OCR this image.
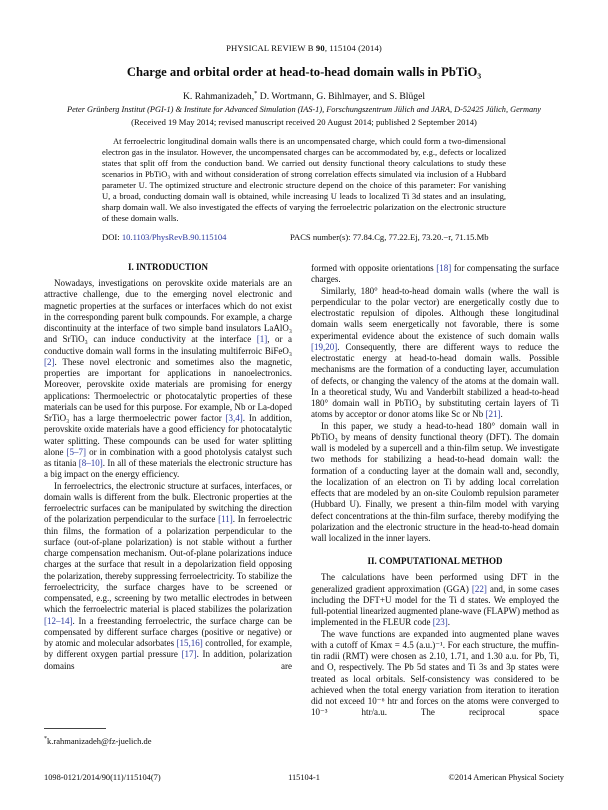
PHYSICAL REVIEW B 90, 115104 (2014)
Charge and orbital order at head-to-head domain walls in PbTiO₃
K. Rahmanizadeh,* D. Wortmann, G. Bihlmayer, and S. Blügel
Peter Grünberg Institut (PGI-1) & Institute for Advanced Simulation (IAS-1), Forschungszentrum Jülich and JARA, D-52425 Jülich, Germany
(Received 19 May 2014; revised manuscript received 20 August 2014; published 2 September 2014)
At ferroelectric longitudinal domain walls there is an uncompensated charge, which could form a two-dimensional electron gas in the insulator. However, the uncompensated charges can be accommodated by, e.g., defects or localized states that split off from the conduction band. We carried out density functional theory calculations to study these scenarios in PbTiO₃ with and without consideration of strong correlation effects simulated via inclusion of a Hubbard parameter U. The optimized structure and electronic structure depend on the choice of this parameter: For vanishing U, a broad, conducting domain wall is obtained, while increasing U leads to localized Ti 3d states and an insulating, sharp domain wall. We also investigated the effects of varying the ferroelectric polarization on the electronic structure of these domain walls.
DOI: 10.1103/PhysRevB.90.115104	PACS number(s): 77.84.Cg, 77.22.Ej, 73.20.−r, 71.15.Mb
I. INTRODUCTION

Nowadays, investigations on perovskite oxide materials are an attractive challenge, due to the emerging novel electronic and magnetic properties at the surfaces or interfaces which do not exist in the corresponding parent bulk compounds. For example, a charge discontinuity at the interface of two simple band insulators LaAlO₃ and SrTiO₃ can induce conductivity at the interface [1], or a conductive domain wall forms in the insulating multiferroic BiFeO₃ [2]. These novel electronic and sometimes also the magnetic, properties are important for applications in nanoelectronics. Moreover, perovskite oxide materials are promising for energy applications: Thermoelectric or photocatalytic properties of these materials can be used for this purpose. For example, Nb or La-doped SrTiO₃ has a large thermoelectric power factor [3,4]. In addition, perovskite oxide materials have a good efficiency for photocatalytic water splitting. These compounds can be used for water splitting alone [5–7] or in combination with a good photolysis catalyst such as titania [8–10]. In all of these materials the electronic structure has a big impact on the energy efficiency.

In ferroelectrics, the electronic structure at surfaces, interfaces, or domain walls is different from the bulk. Electronic properties at the ferroelectric surfaces can be manipulated by switching the direction of the polarization perpendicular to the surface [11]. In ferroelectric thin films, the formation of a polarization perpendicular to the surface (out-of-plane polarization) is not stable without a further charge compensation mechanism. Out-of-plane polarizations induce charges at the surface that result in a depolarization field opposing the polarization, thereby suppressing ferroelectricity. To stabilize the ferroelectricity, the surface charges have to be screened or compensated, e.g., screening by two metallic electrodes in between which the ferroelectric material is placed stabilizes the polarization [12–14]. In a freestanding ferroelectric, the surface charge can be compensated by different surface charges (positive or negative) or by atomic and molecular adsorbates [15,16] controlled, for example, by different oxygen partial pressure [17]. In addition, polarization domains are

*k.rahmanizadeh@fz-juelich.de

formed with opposite orientations [18] for compensating the surface charges.

Similarly, 180° head-to-head domain walls (where the wall is perpendicular to the polar vector) are energetically costly due to electrostatic repulsion of dipoles. Although these longitudinal domain walls seem energetically not favorable, there is some experimental evidence about the existence of such domain walls [19,20]. Consequently, there are different ways to reduce the electrostatic energy at head-to-head domain walls. Possible mechanisms are the formation of a conducting layer, accumulation of defects, or changing the valency of the atoms at the domain wall. In a theoretical study, Wu and Vanderbilt stabilized a head-to-head 180° domain wall in PbTiO₃ by substituting certain layers of Ti atoms by acceptor or donor atoms like Sc or Nb [21].

In this paper, we study a head-to-head 180° domain wall in PbTiO₃ by means of density functional theory (DFT). The domain wall is modeled by a supercell and a thin-film setup. We investigate two methods for stabilizing a head-to-head domain wall: the formation of a conducting layer at the domain wall and, secondly, the localization of an electron on Ti by adding local correlation effects that are modeled by an on-site Coulomb repulsion parameter (Hubbard U). Finally, we present a thin-film model with varying defect concentrations at the thin-film surface, thereby modifying the polarization and the electronic structure in the head-to-head domain wall localized in the inner layers.

II. COMPUTATIONAL METHOD

The calculations have been performed using DFT in the generalized gradient approximation (GGA) [22] and, in some cases including the DFT+U model for the Ti d states. We employed the full-potential linearized augmented plane-wave (FLAPW) method as implemented in the FLEUR code [23].

The wave functions are expanded into augmented plane waves with a cutoff of Kmax = 4.5 (a.u.)⁻¹. For each structure, the muffin-tin radii (RMT) were chosen as 2.10, 1.71, and 1.30 a.u. for Pb, Ti, and O, respectively. The Pb 5d states and Ti 3s and 3p states were treated as local orbitals. Self-consistency was considered to be achieved when the total energy variation from iteration to iteration did not exceed 10⁻⁶ htr and forces on the atoms were converged to 10⁻³ htr/a.u. The reciprocal space

1098-0121/2014/90(11)/115104(7)	115104-1	©2014 American Physical Society
